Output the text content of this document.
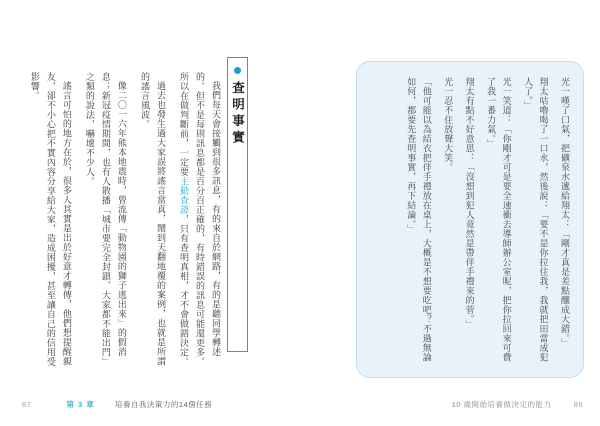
查明事實

我們每天會接觸到很多訊息，有的來自於網路，有的是聽同學轉述的。但不是每則訊息都是百分百正確的，有時錯誤的訊息可能還更多。所以在做判斷前，一定要主動查證，只有查明真相，才不會做錯決定。

過去也發生過大家誤將謠言當真，鬧到天翻地覆的案例，也就是所謂的謠言風波。

像二〇一六年熊本地震時，曾流傳「動物園的獅子逃出來」的假消息；新冠疫情期間，也有人散播「城市要完全封鎖、大家都不能出門」之類的說法，嚇壞不少人。

謠言可怕的地方在於，很多人其實是出於好意才轉傳，他們想提醒親友，卻不小心把不實內容分享給大家，造成困擾，甚至讓自己的信用受影響。

87	第 3 章	培養自我決策力的14個任務

光一嘆了口氣，把礦泉水遞給翔太：「剛才真是差點釀成大錯。」

翔太咕嚕喝了一口水，然後說：「要不是你拉住我，我就把田當成犯人了。」

光一笑道：「你剛才可是要全速衝去導師辦公室呢，把你拉回來可費了我一番力氣。」

翔太有點不好意思：「沒想到犯人竟然是帶伴手禮來的菅。」

光一忍不住放聲大笑。

「他可能以為結衣把伴手禮放在桌上，大概是不想要吃吧？不過無論如何，都要先查明事實，再下結論。」

10 歲開始培養做決定的能力	86
